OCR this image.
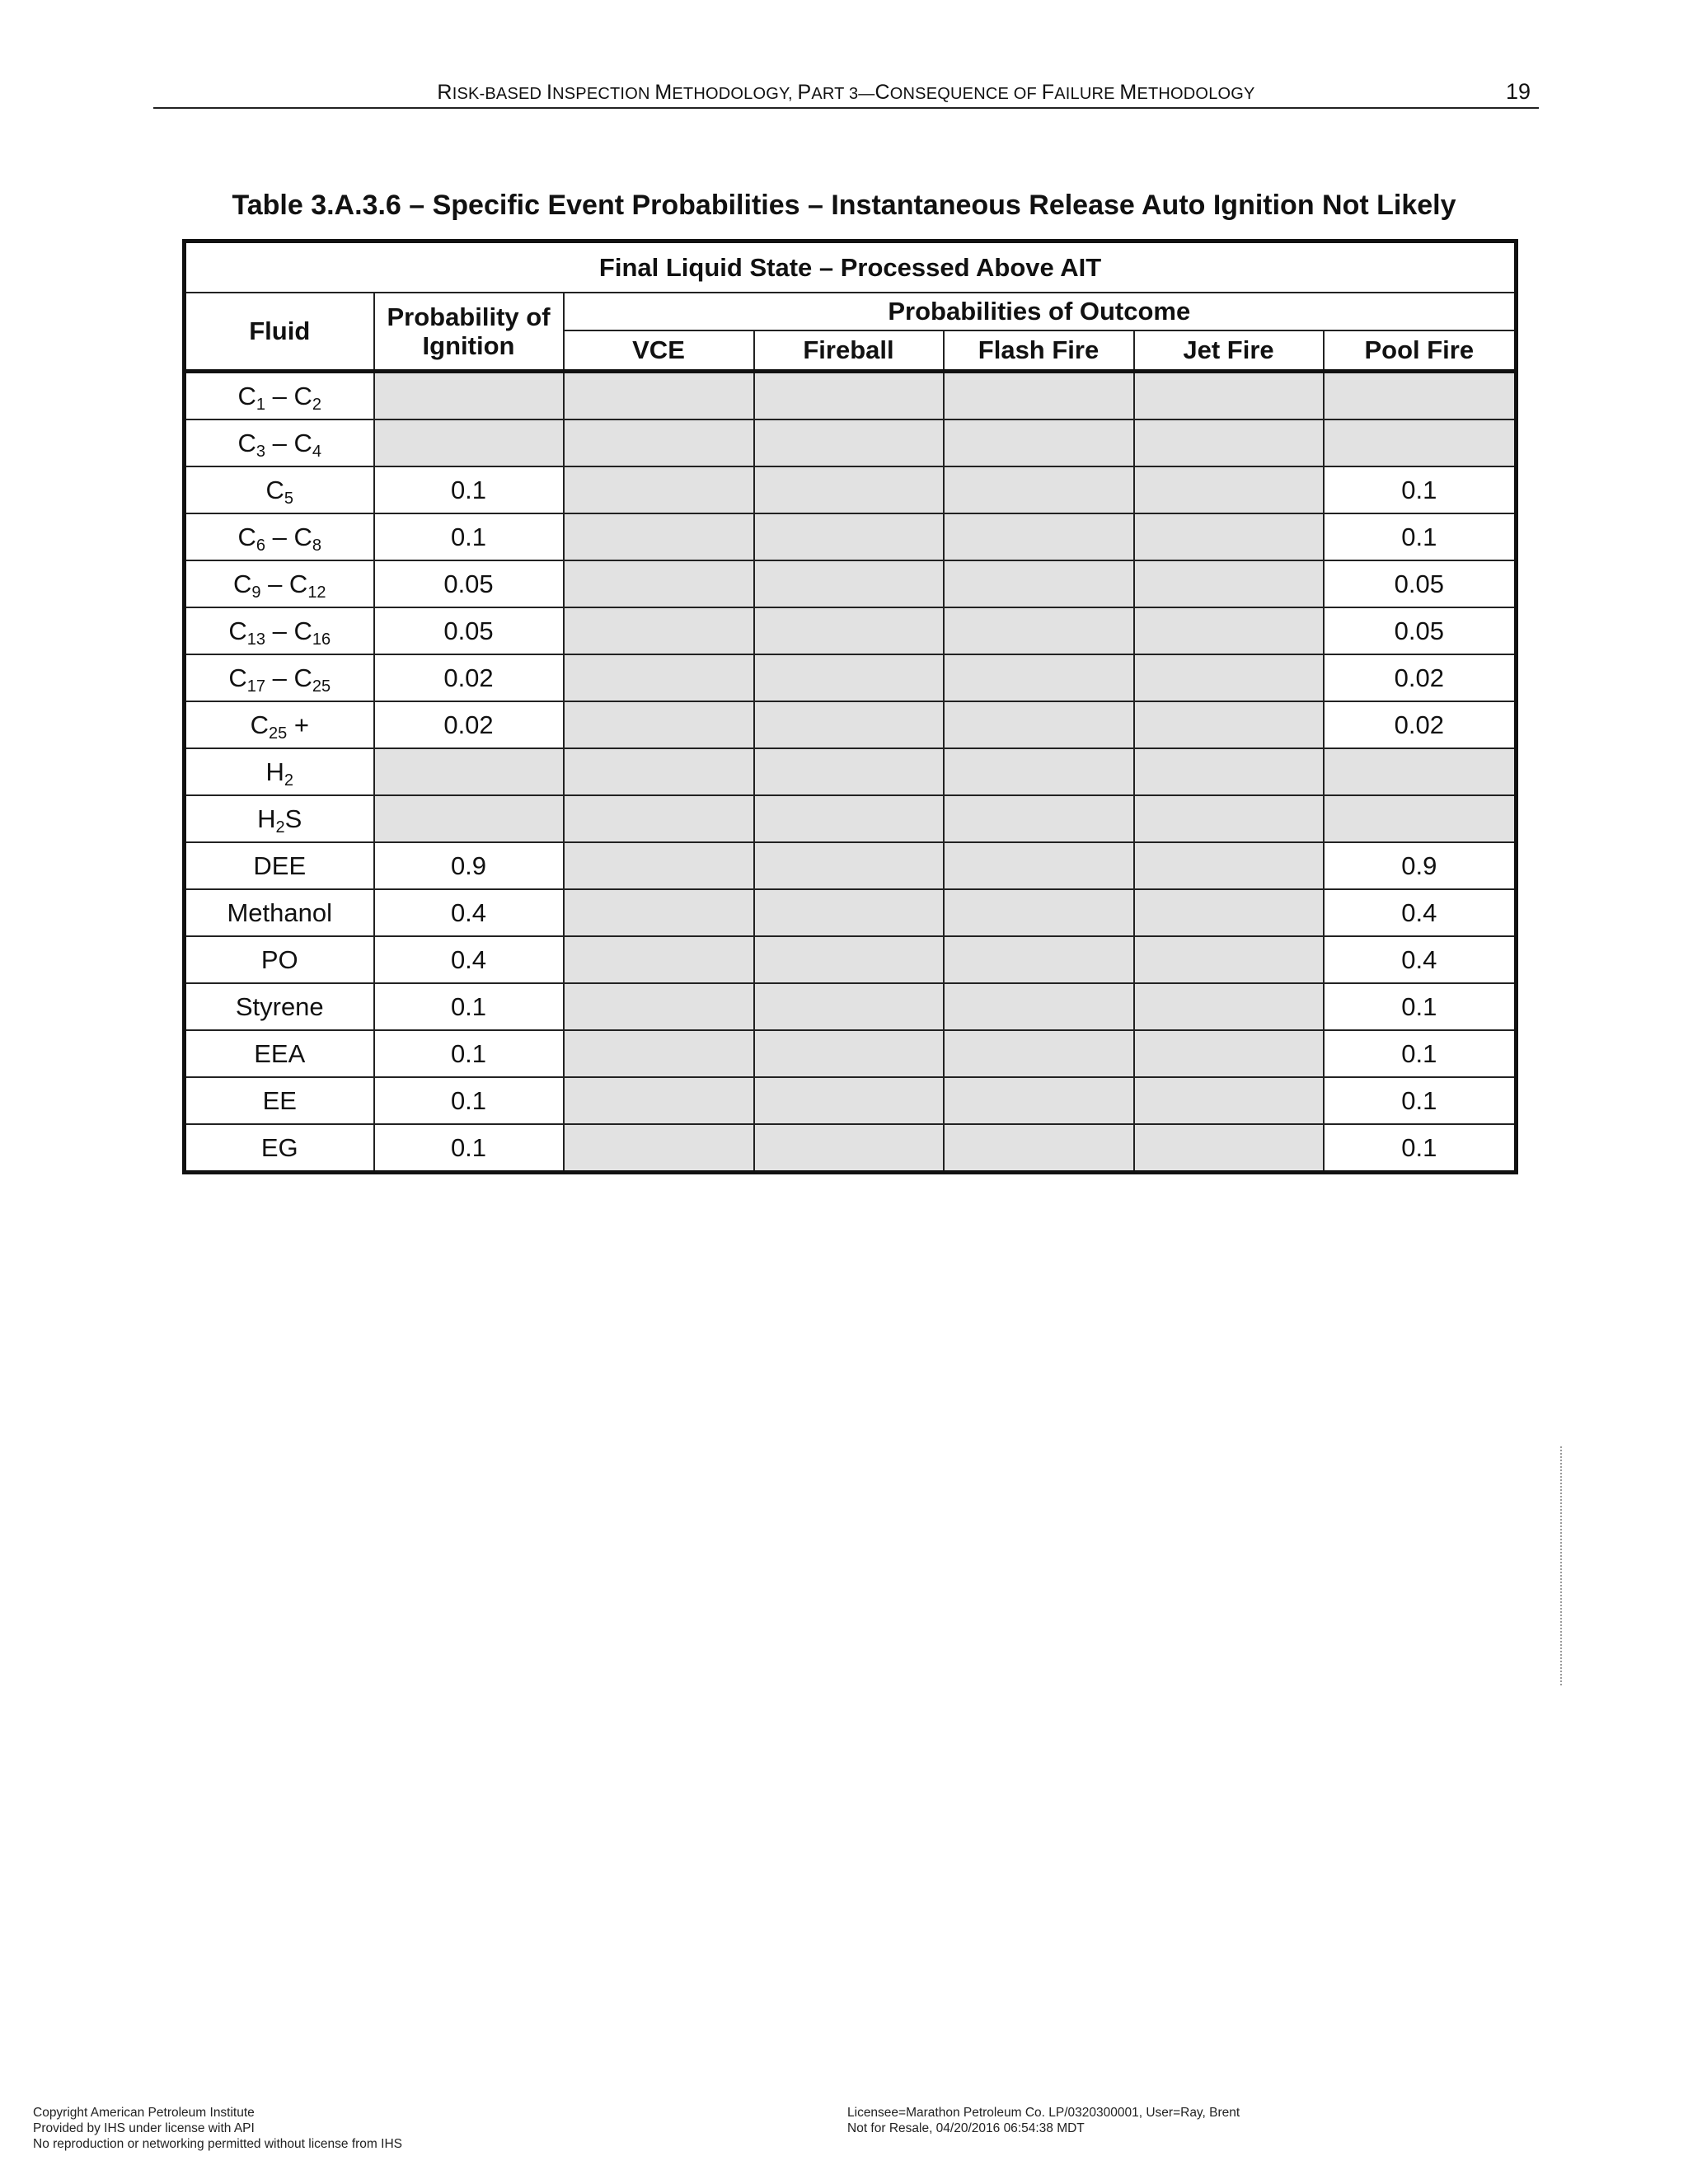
RISK-BASED INSPECTION METHODOLOGY, PART 3—CONSEQUENCE OF FAILURE METHODOLOGY	19
Table 3.A.3.6 – Specific Event Probabilities – Instantaneous Release Auto Ignition Not Likely
Final Liquid State – Processed Above AIT						
Fluid	Probability of Ignition	Probabilities of Outcome				
		VCE	Fireball	Flash Fire	Jet Fire	Pool Fire
$C_1 - C_2$						
$C_3 - C_4$						
$C_5$	0.1					0.1
$C_6 - C_8$	0.1					0.1
$C_9 - C_{12}$	0.05					0.05
$C_{13} - C_{16}$	0.05					0.05
$C_{17} - C_{25}$	0.02					0.02
$C_{25}$ +	0.02					0.02
$H_2$						
$H_2S$						
DEE	0.9					0.9
Methanol	0.4					0.4
PO	0.4					0.4
Styrene	0.1					0.1
EEA	0.1					0.1
EE	0.1					0.1
EG	0.1					0.1
Copyright American Petroleum Institute
Provided by IHS under license with API
No reproduction or networking permitted without license from IHS
Licensee=Marathon Petroleum Co. LP/0320300001, User=Ray, Brent
Not for Resale, 04/20/2016 06:54:38 MDT
